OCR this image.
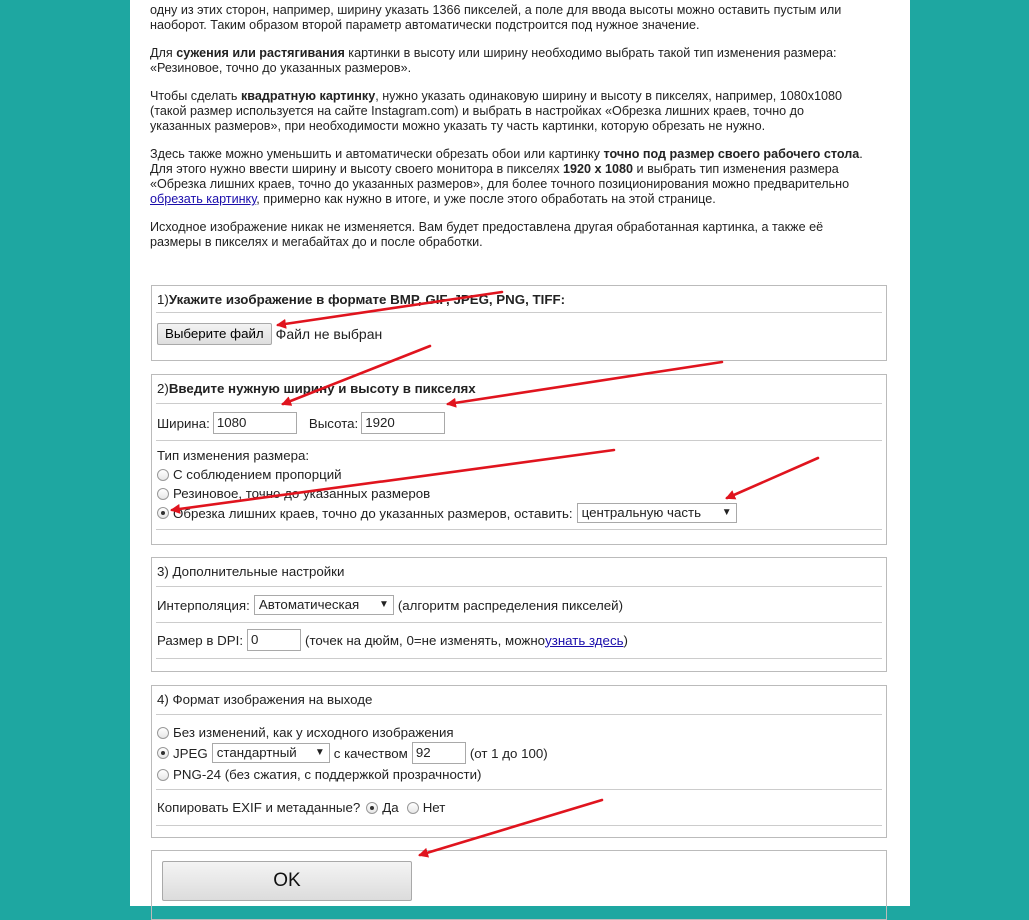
одну из этих сторон, например, ширину указать 1366 пикселей, а поле для ввода высоты можно оставить пустым или

наоборот. Таким образом второй параметр автоматически подстроится под нужное значение.

Для сужения или растягивания картинки в высоту или ширину необходимо выбрать такой тип изменения размера:

«Резиновое, точно до указанных размеров».

Чтобы сделать квадратную картинку, нужно указать одинаковую ширину и высоту в пикселях, например, 1080x1080

(такой размер используется на сайте Instagram.com) и выбрать в настройках «Обрезка лишних краев, точно до

указанных размеров», при необходимости можно указать ту часть картинки, которую обрезать не нужно.

Здесь также можно уменьшить и автоматически обрезать обои или картинку точно под размер своего рабочего стола.

Для этого нужно ввести ширину и высоту своего монитора в пикселях 1920 x 1080 и выбрать тип изменения размера

«Обрезка лишних краев, точно до указанных размеров», для более точного позиционирования можно предварительно

обрезать картинку, примерно как нужно в итоге, и уже после этого обработать на этой странице.

Исходное изображение никак не изменяется. Вам будет предоставлена другая обработанная картинка, а также её

размеры в пикселях и мегабайтах до и после обработки.

1) Укажите изображение в формате BMP, GIF, JPEG, PNG, TIFF:
Выберите файл Файл не выбран
2) Введите нужную ширину и высоту в пикселях
Ширина: 1080	Высота: 1920
Тип изменения размера:
С соблюдением пропорций
Резиновое, точно до указанных размеров
Обрезка лишних краев, точно до указанных размеров, оставить: центральную часть ▼
3) Дополнительные настройки
Интерполяция: Автоматическая ▼ (алгоритм распределения пикселей)
Размер в DPI: 0	(точек на дюйм, 0=не изменять, можно узнать здесь )
4) Формат изображения на выходе
Без изменений, как у исходного изображения
JPEG стандартный ▼ с качеством 92	(от 1 до 100)
PNG-24 (без сжатия, с поддержкой прозрачности)
Копировать EXIF и метаданные? Да Нет
OK
